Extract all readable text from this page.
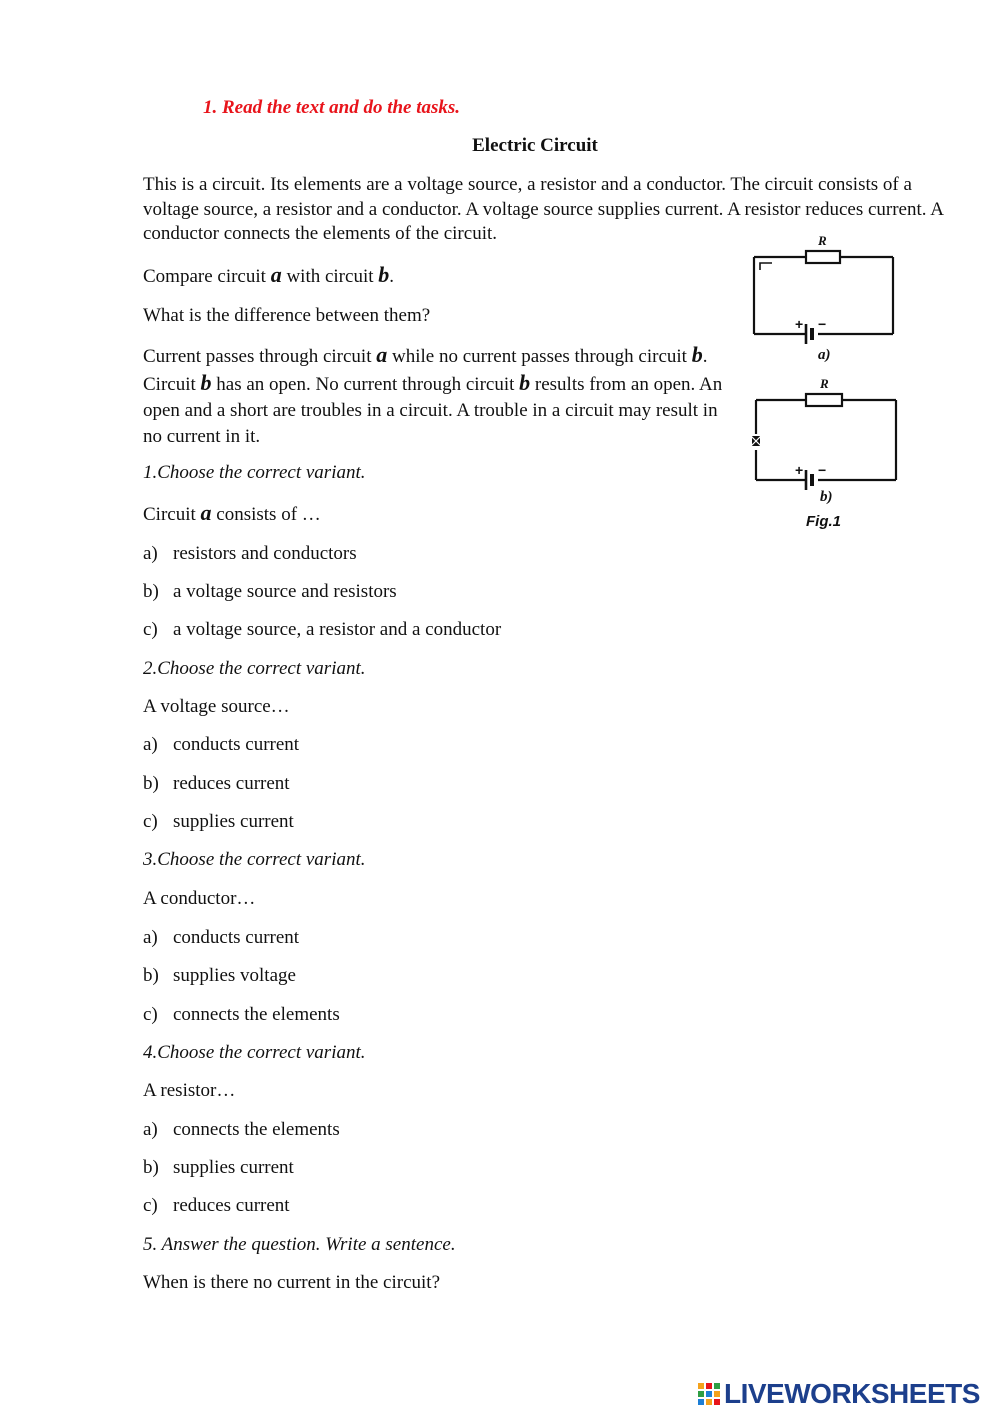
1. Read the text and do the tasks.
Electric Circuit
This is a circuit. Its elements are a voltage source, a resistor and a conductor. The circuit consists of a voltage source, a resistor and a conductor. A voltage source supplies current. A resistor reduces current. A conductor connects the elements of the circuit.
Compare circuit a with circuit b.
What is the difference between them?
Current passes through circuit a while no current passes through circuit b. Circuit b has an open. No current through circuit b results from an open. An open and a short are troubles in a circuit. A trouble in a circuit may result in no current in it.
1.Choose the correct variant.
Circuit a consists of …
a) resistors and conductors
b) a voltage source and resistors
c) a voltage source, a resistor and a conductor
2.Choose the correct variant.
A voltage source…
a) conducts current
b) reduces current
c) supplies current
3.Choose the correct variant.
A conductor…
a) conducts current
b) supplies voltage
c) connects the elements
4.Choose the correct variant.
A resistor…
a) connects the elements
b) supplies current
c) reduces current
5. Answer the question. Write a sentence.
When is there no current in the circuit?
R
+ −
a)
R
+ −
b)
Fig.1
LIVEWORKSHEETS
